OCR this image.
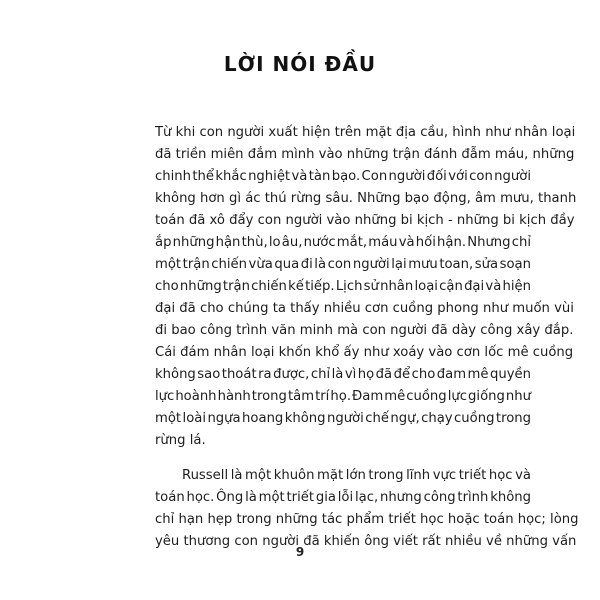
LỜI NÓI ĐẦU
Từ khi con người xuất hiện trên mặt địa cầu, hình như nhân loại
đã triền miên đắm mình vào những trận đánh đẫm máu, những
chinh thể khắc nghiệt và tàn bạo. Con người đối với con người
không hơn gì ác thú rừng sâu. Những bạo động, âm mưu, thanh
toán đã xô đẩy con người vào những bi kịch - những bi kịch đầy
ắp những hận thù, lo âu, nước mắt, máu và hối hận. Nhưng chỉ
một trận chiến vừa qua đi là con người lại mưu toan, sửa soạn
cho những trận chiến kế tiếp. Lịch sử nhân loại cận đại và hiện
đại đã cho chúng ta thấy nhiều cơn cuồng phong như muốn vùi
đi bao công trình văn minh mà con người đã dày công xây đắp.
Cái đám nhân loại khốn khổ ấy như xoáy vào cơn lốc mê cuồng
không sao thoát ra được, chỉ là vì họ đã để cho đam mê quyền
lực hoành hành trong tâm trí họ. Đam mê cuồng lực giống như
một loài ngựa hoang không người chế ngự, chạy cuồng trong
rừng lá.
Russell là một khuôn mặt lớn trong lĩnh vực triết học và
toán học. Ông là một triết gia lỗi lạc, nhưng công trình không
chỉ hạn hẹp trong những tác phẩm triết học hoặc toán học; lòng
yêu thương con người đã khiến ông viết rất nhiều về những vấn
9
